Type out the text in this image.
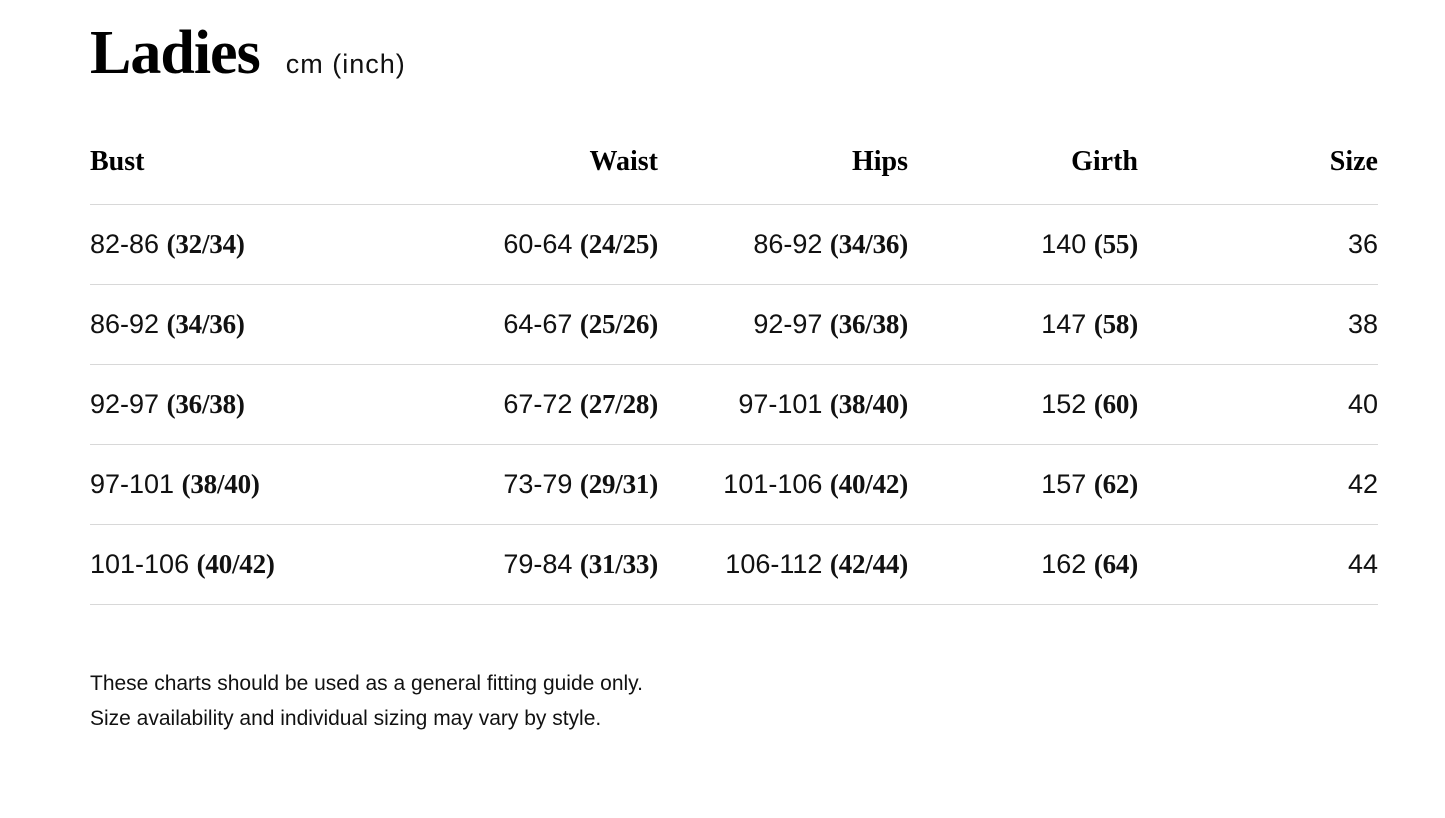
Ladies cm (inch)
Bust	Waist	Hips	Girth	Size
82-86 (32/34)	60-64 (24/25)	86-92 (34/36)	140 (55)	36
86-92 (34/36)	64-67 (25/26)	92-97 (36/38)	147 (58)	38
92-97 (36/38)	67-72 (27/28)	97-101 (38/40)	152 (60)	40
97-101 (38/40)	73-79 (29/31)	101-106 (40/42)	157 (62)	42
101-106 (40/42)	79-84 (31/33)	106-112 (42/44)	162 (64)	44
These charts should be used as a general fitting guide only.
Size availability and individual sizing may vary by style.
